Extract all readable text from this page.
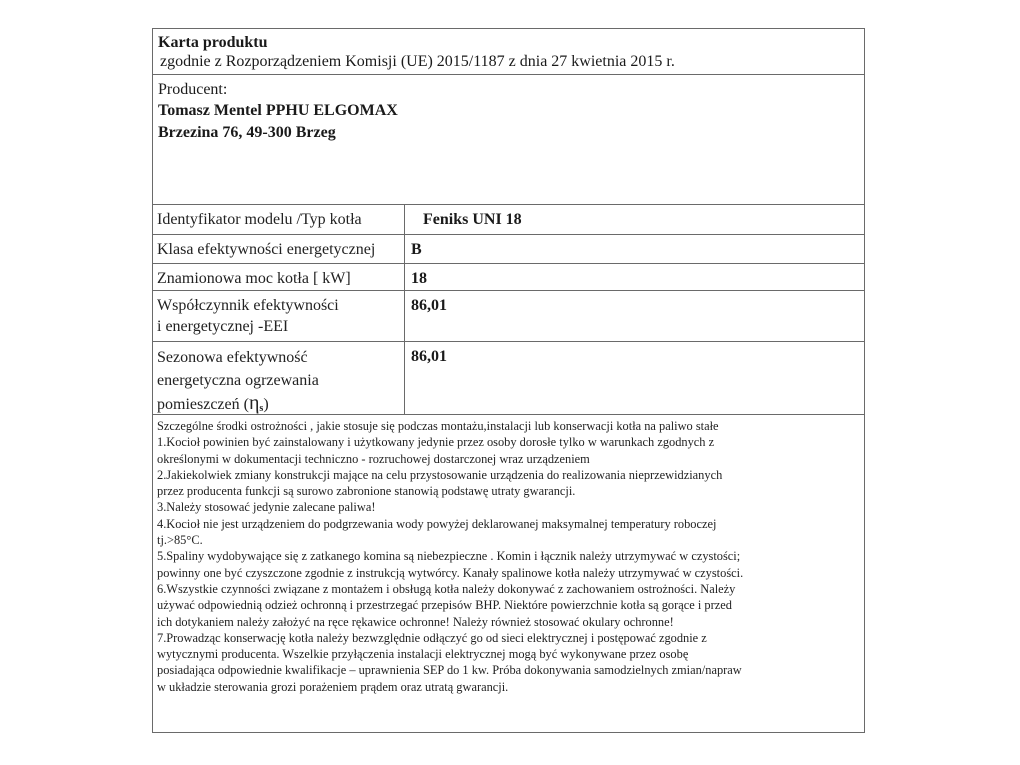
Karta produktu
zgodnie z Rozporządzeniem Komisji (UE) 2015/1187 z dnia 27 kwietnia 2015 r.
Producent:
Tomasz Mentel PPHU ELGOMAX
Brzezina 76, 49-300 Brzeg
Identyfikator modelu /Typ kotła	Feniks UNI 18
Klasa efektywności energetycznej B
Znamionowa moc kotła [ kW]	18
Współczynnik efektywności
i energetycznej -EEI
86,01
Sezonowa efektywność
energetyczna ogrzewania
pomieszczeń (ηs)
86,01
Szczególne środki ostrożności , jakie stosuje się podczas montażu,instalacji lub konserwacji kotła na paliwo stałe
1.Kocioł powinien być zainstalowany i użytkowany jedynie przez osoby dorosłe tylko w warunkach zgodnych z
określonymi w dokumentacji techniczno - rozruchowej dostarczonej wraz urządzeniem
2.Jakiekolwiek zmiany konstrukcji mające na celu przystosowanie urządzenia do realizowania nieprzewidzianych
przez producenta funkcji są surowo zabronione stanowią podstawę utraty gwarancji.
3.Należy stosować jedynie zalecane paliwa!
4.Kocioł nie jest urządzeniem do podgrzewania wody powyżej deklarowanej maksymalnej temperatury roboczej
tj.>85°C.
5.Spaliny wydobywające się z zatkanego komina są niebezpieczne . Komin i łącznik należy utrzymywać w czystości;
powinny one być czyszczone zgodnie z instrukcją wytwórcy. Kanały spalinowe kotła należy utrzymywać w czystości.
6.Wszystkie czynności związane z montażem i obsługą kotła należy dokonywać z zachowaniem ostrożności. Należy
używać odpowiednią odzież ochronną i przestrzegać przepisów BHP. Niektóre powierzchnie kotła są gorące i przed
ich dotykaniem należy założyć na ręce rękawice ochronne! Należy również stosować okulary ochronne!
7.Prowadząc konserwację kotła należy bezwzględnie odłączyć go od sieci elektrycznej i postępować zgodnie z
wytycznymi producenta. Wszelkie przyłączenia instalacji elektrycznej mogą być wykonywane przez osobę
posiadająca odpowiednie kwalifikacje – uprawnienia SEP do 1 kw. Próba dokonywania samodzielnych zmian/napraw
w układzie sterowania grozi porażeniem prądem oraz utratą gwarancji.
